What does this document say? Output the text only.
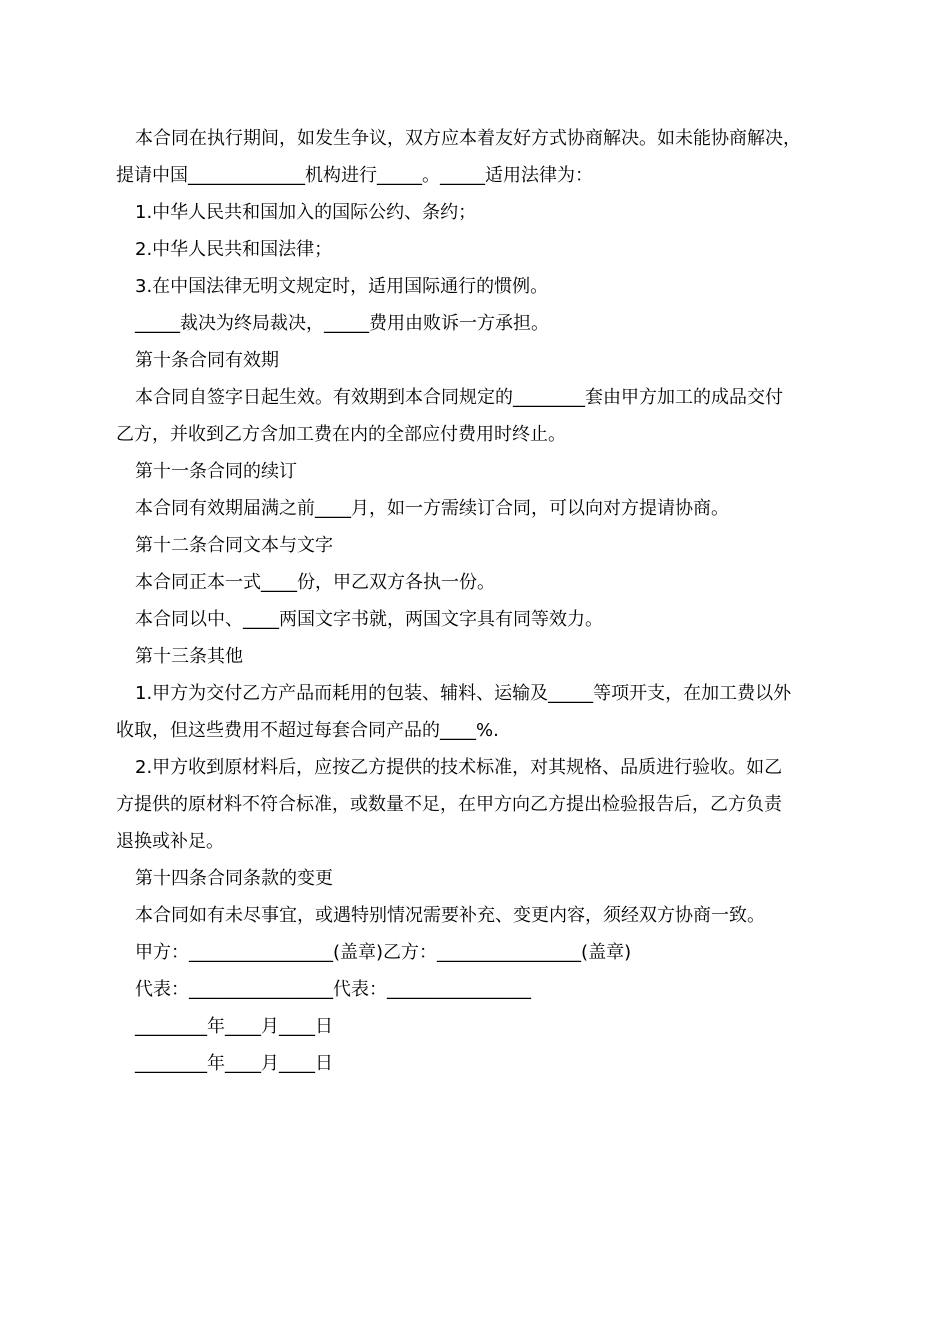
本合同在执行期间，如发生争议，双方应本着友好方式协商解决。如未能协商解决，
提请中国_____________机构进行_____。_____适用法律为：
1.中华人民共和国加入的国际公约、条约；
2.中华人民共和国法律；
3.在中国法律无明文规定时，适用国际通行的惯例。
_____裁决为终局裁决，_____费用由败诉一方承担。
第十条合同有效期
本合同自签字日起生效。有效期到本合同规定的________套由甲方加工的成品交付
乙方，并收到乙方含加工费在内的全部应付费用时终止。
第十一条合同的续订
本合同有效期届满之前____月，如一方需续订合同，可以向对方提请协商。
第十二条合同文本与文字
本合同正本一式____份，甲乙双方各执一份。
本合同以中、____两国文字书就，两国文字具有同等效力。
第十三条其他
1.甲方为交付乙方产品而耗用的包装、辅料、运输及_____等项开支，在加工费以外
收取，但这些费用不超过每套合同产品的____%.
2.甲方收到原材料后，应按乙方提供的技术标准，对其规格、品质进行验收。如乙
方提供的原材料不符合标准，或数量不足，在甲方向乙方提出检验报告后，乙方负责
退换或补足。
第十四条合同条款的变更
本合同如有未尽事宜，或遇特别情况需要补充、变更内容，须经双方协商一致。
甲方：________________(盖章)乙方：________________(盖章)
代表：________________代表：________________
________年____月____日
________年____月____日
